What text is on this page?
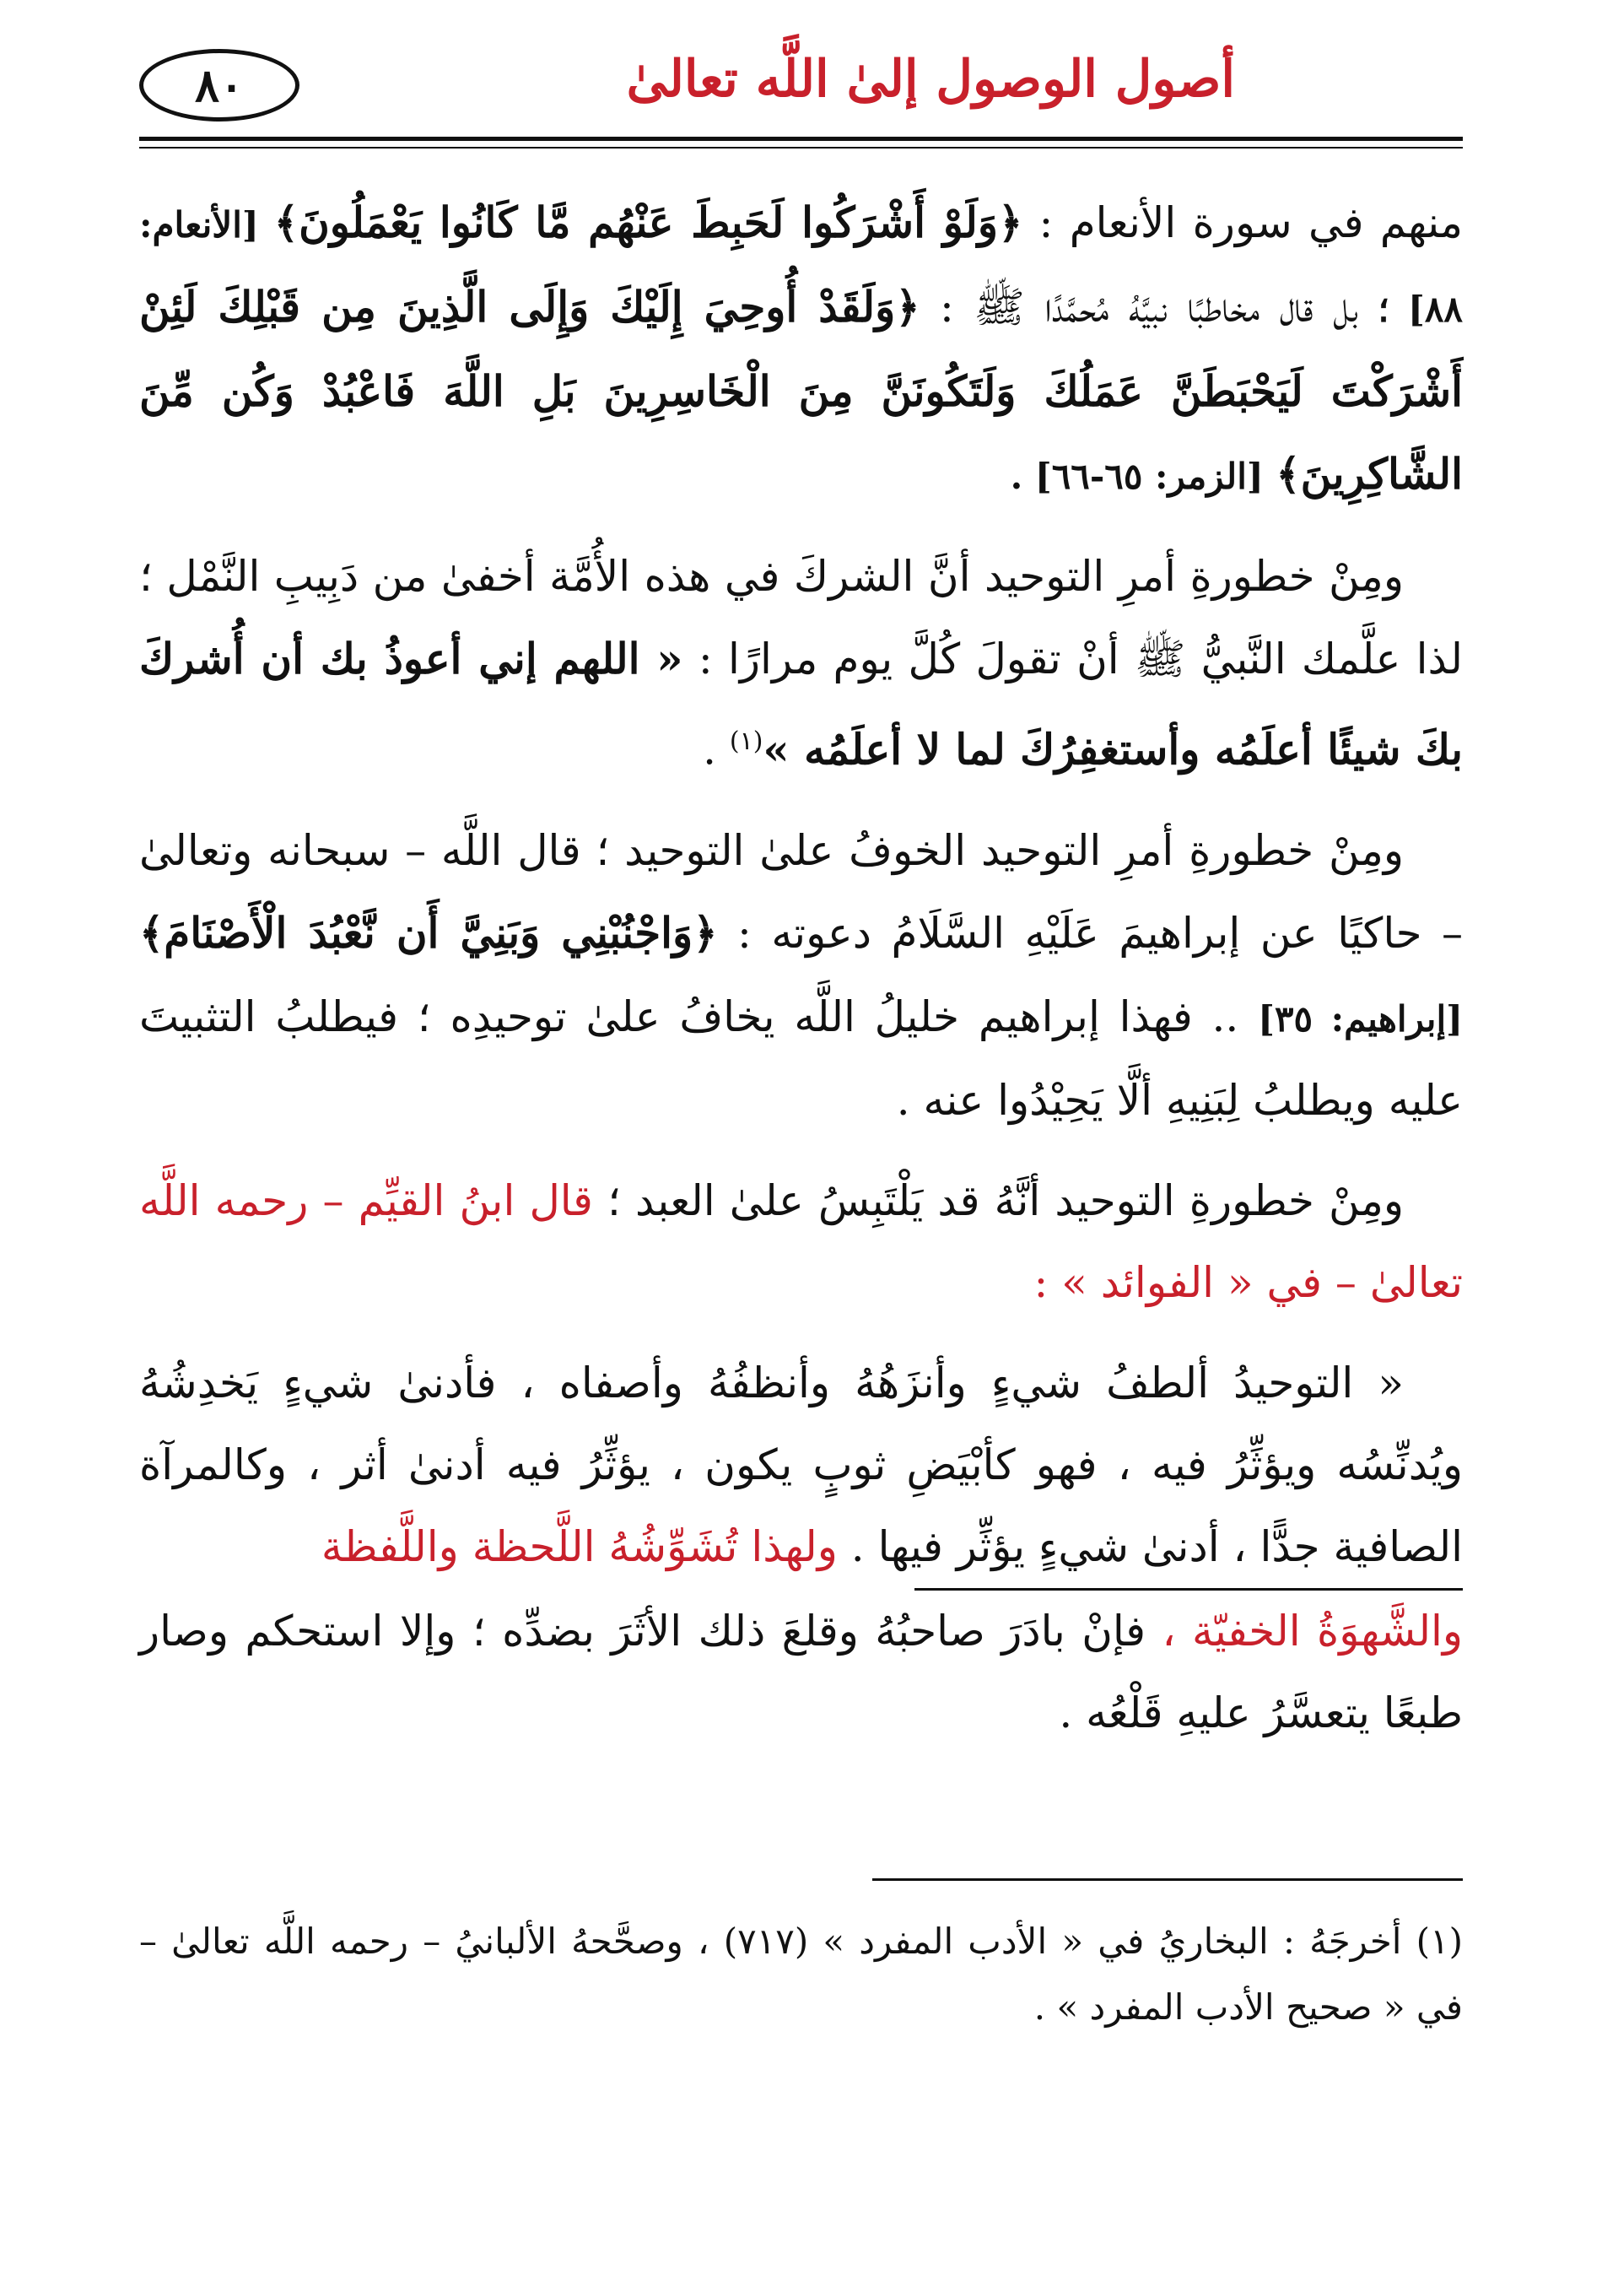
أصول الوصول إلىٰ اللَّه تعالىٰ
٨٠

منهم في سورة الأنعام : ﴿وَلَوْ أَشْرَكُوا لَحَبِطَ عَنْهُم مَّا كَانُوا يَعْمَلُونَ﴾ [الأنعام: ٨٨] ؛ بل قال مخاطبًا نبيَّهُ مُحمَّدًا ﷺ : ﴿وَلَقَدْ أُوحِيَ إِلَيْكَ وَإِلَى الَّذِينَ مِن قَبْلِكَ لَئِنْ أَشْرَكْتَ لَيَحْبَطَنَّ عَمَلُكَ وَلَتَكُونَنَّ مِنَ الْخَاسِرِينَ بَلِ اللَّهَ فَاعْبُدْ وَكُن مِّنَ الشَّاكِرِينَ﴾ [الزمر: ٦٥-٦٦] .

ومِنْ خطورةِ أمرِ التوحيد أنَّ الشركَ في هذه الأُمَّة أخفىٰ من دَبِيبِ النَّمْل ؛ لذا علَّمك النَّبيُّ ﷺ أنْ تقولَ كُلَّ يوم مرارًا : « اللهم إني أعوذُ بك أن أُشركَ بكَ شيئًا أعلَمُه وأستغفِرُكَ لما لا أعلَمُه »$^{(١)}$ .

ومِنْ خطورةِ أمرِ التوحيد الخوفُ علىٰ التوحيد ؛ قال اللَّه – سبحانه وتعالىٰ – حاكيًا عن إبراهيمَ عَلَيْهِ السَّلَامُ دعوته : ﴿وَاجْنُبْنِي وَبَنِيَّ أَن نَّعْبُدَ الْأَصْنَامَ﴾ [إبراهيم: ٣٥] .. فهذا إبراهيم خليلُ اللَّه يخافُ علىٰ توحيدِه ؛ فيطلبُ التثبيتَ عليه ويطلبُ لِبَنِيهِ ألَّا يَحِيْدُوا عنه .

ومِنْ خطورةِ التوحيد أنَّهُ قد يَلْتَبِسُ علىٰ العبد ؛ قال ابنُ القيِّم – رحمه اللَّه تعالىٰ – في « الفوائد » :

« التوحيدُ ألطفُ شيءٍ وأنزَهُهُ وأنظفُهُ وأصفاه ، فأدنىٰ شيءٍ يَخدِشُهُ ويُدنِّسُه ويؤثِّرُ فيه ، فهو كأبْيَضِ ثوبٍ يكون ، يؤثِّرُ فيه أدنىٰ أثر ، وكالمرآة الصافية جدًّا ، أدنىٰ شيءٍ يؤثِّر فيها . ولهذا تُشَوِّشُهُ اللَّحظة واللَّفظة

والشَّهوَةُ الخفيّة ، فإنْ بادَرَ صاحبُهُ وقلعَ ذلك الأثَرَ بضدِّه ؛ وإلا استحكم وصار طبعًا يتعسَّرُ عليهِ قَلْعُه .

(١) أخرجَهُ : البخاريُ في « الأدب المفرد » (٧١٧) ، وصحَّحهُ الألبانيُ – رحمه اللَّه تعالىٰ – في « صحيح الأدب المفرد » .
